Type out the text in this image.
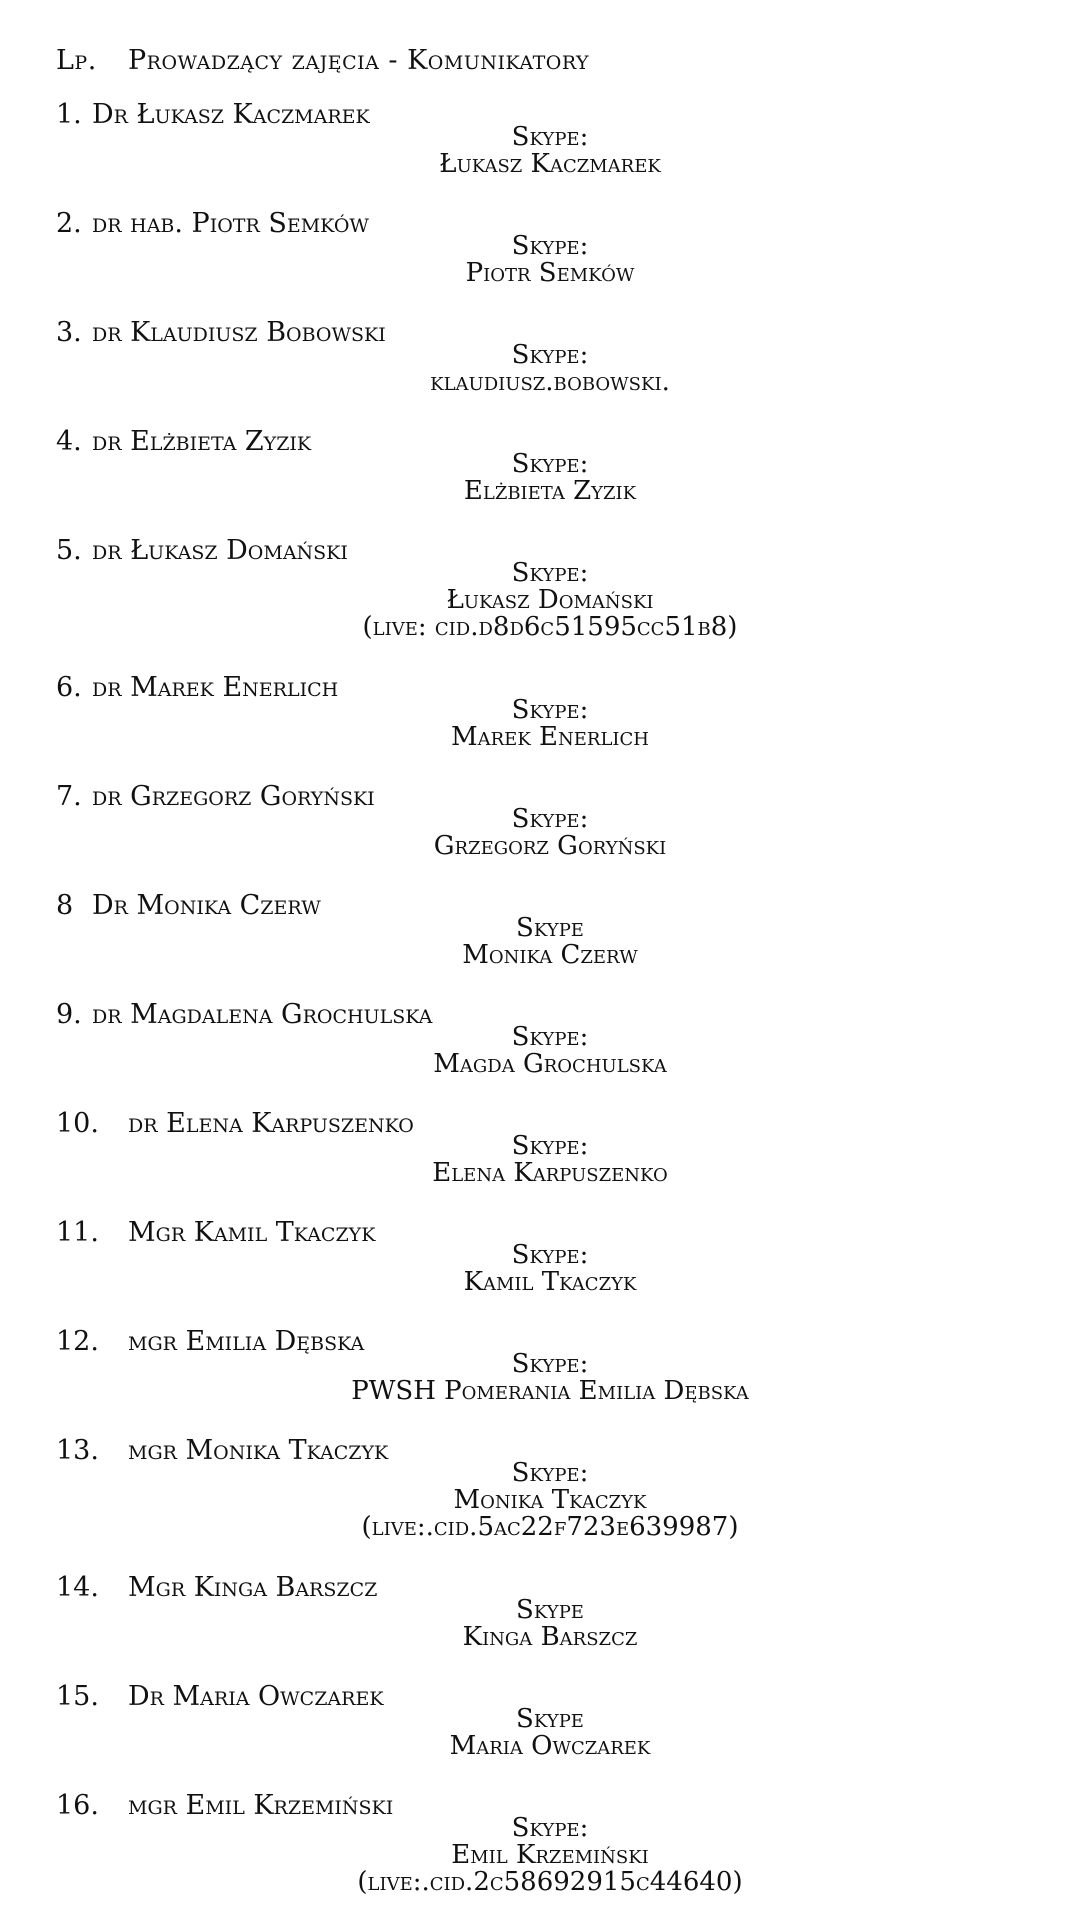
Lp. Prowadzący zajęcia - Komunikatory
1. Dr Łukasz Kaczmarek
Skype:
Łukasz Kaczmarek
2. dr hab. Piotr Semków
Skype:
Piotr Semków
3. dr Klaudiusz Bobowski
Skype:
klaudiusz.bobowski.
4. dr Elżbieta Zyzik
Skype:
Elżbieta Zyzik
5. dr Łukasz Domański
Skype:
Łukasz Domański
(live: cid.d8d6c51595cc51b8)
6. dr Marek Enerlich
Skype:
Marek Enerlich
7. dr Grzegorz Goryński
Skype:
Grzegorz Goryński
8 Dr Monika Czerw
Skype
Monika Czerw
9. dr Magdalena Grochulska
Skype:
Magda Grochulska
10. dr Elena Karpuszenko
Skype:
Elena Karpuszenko
11. Mgr Kamil Tkaczyk
Skype:
Kamil Tkaczyk
12. mgr Emilia Dębska
Skype:
PWSH Pomerania Emilia Dębska
13. mgr Monika Tkaczyk
Skype:
Monika Tkaczyk
(live:.cid.5ac22f723e639987)
14. Mgr Kinga Barszcz
Skype
Kinga Barszcz
15. Dr Maria Owczarek
Skype
Maria Owczarek
16. mgr Emil Krzemiński
Skype:
Emil Krzemiński
(live:.cid.2c58692915c44640)
